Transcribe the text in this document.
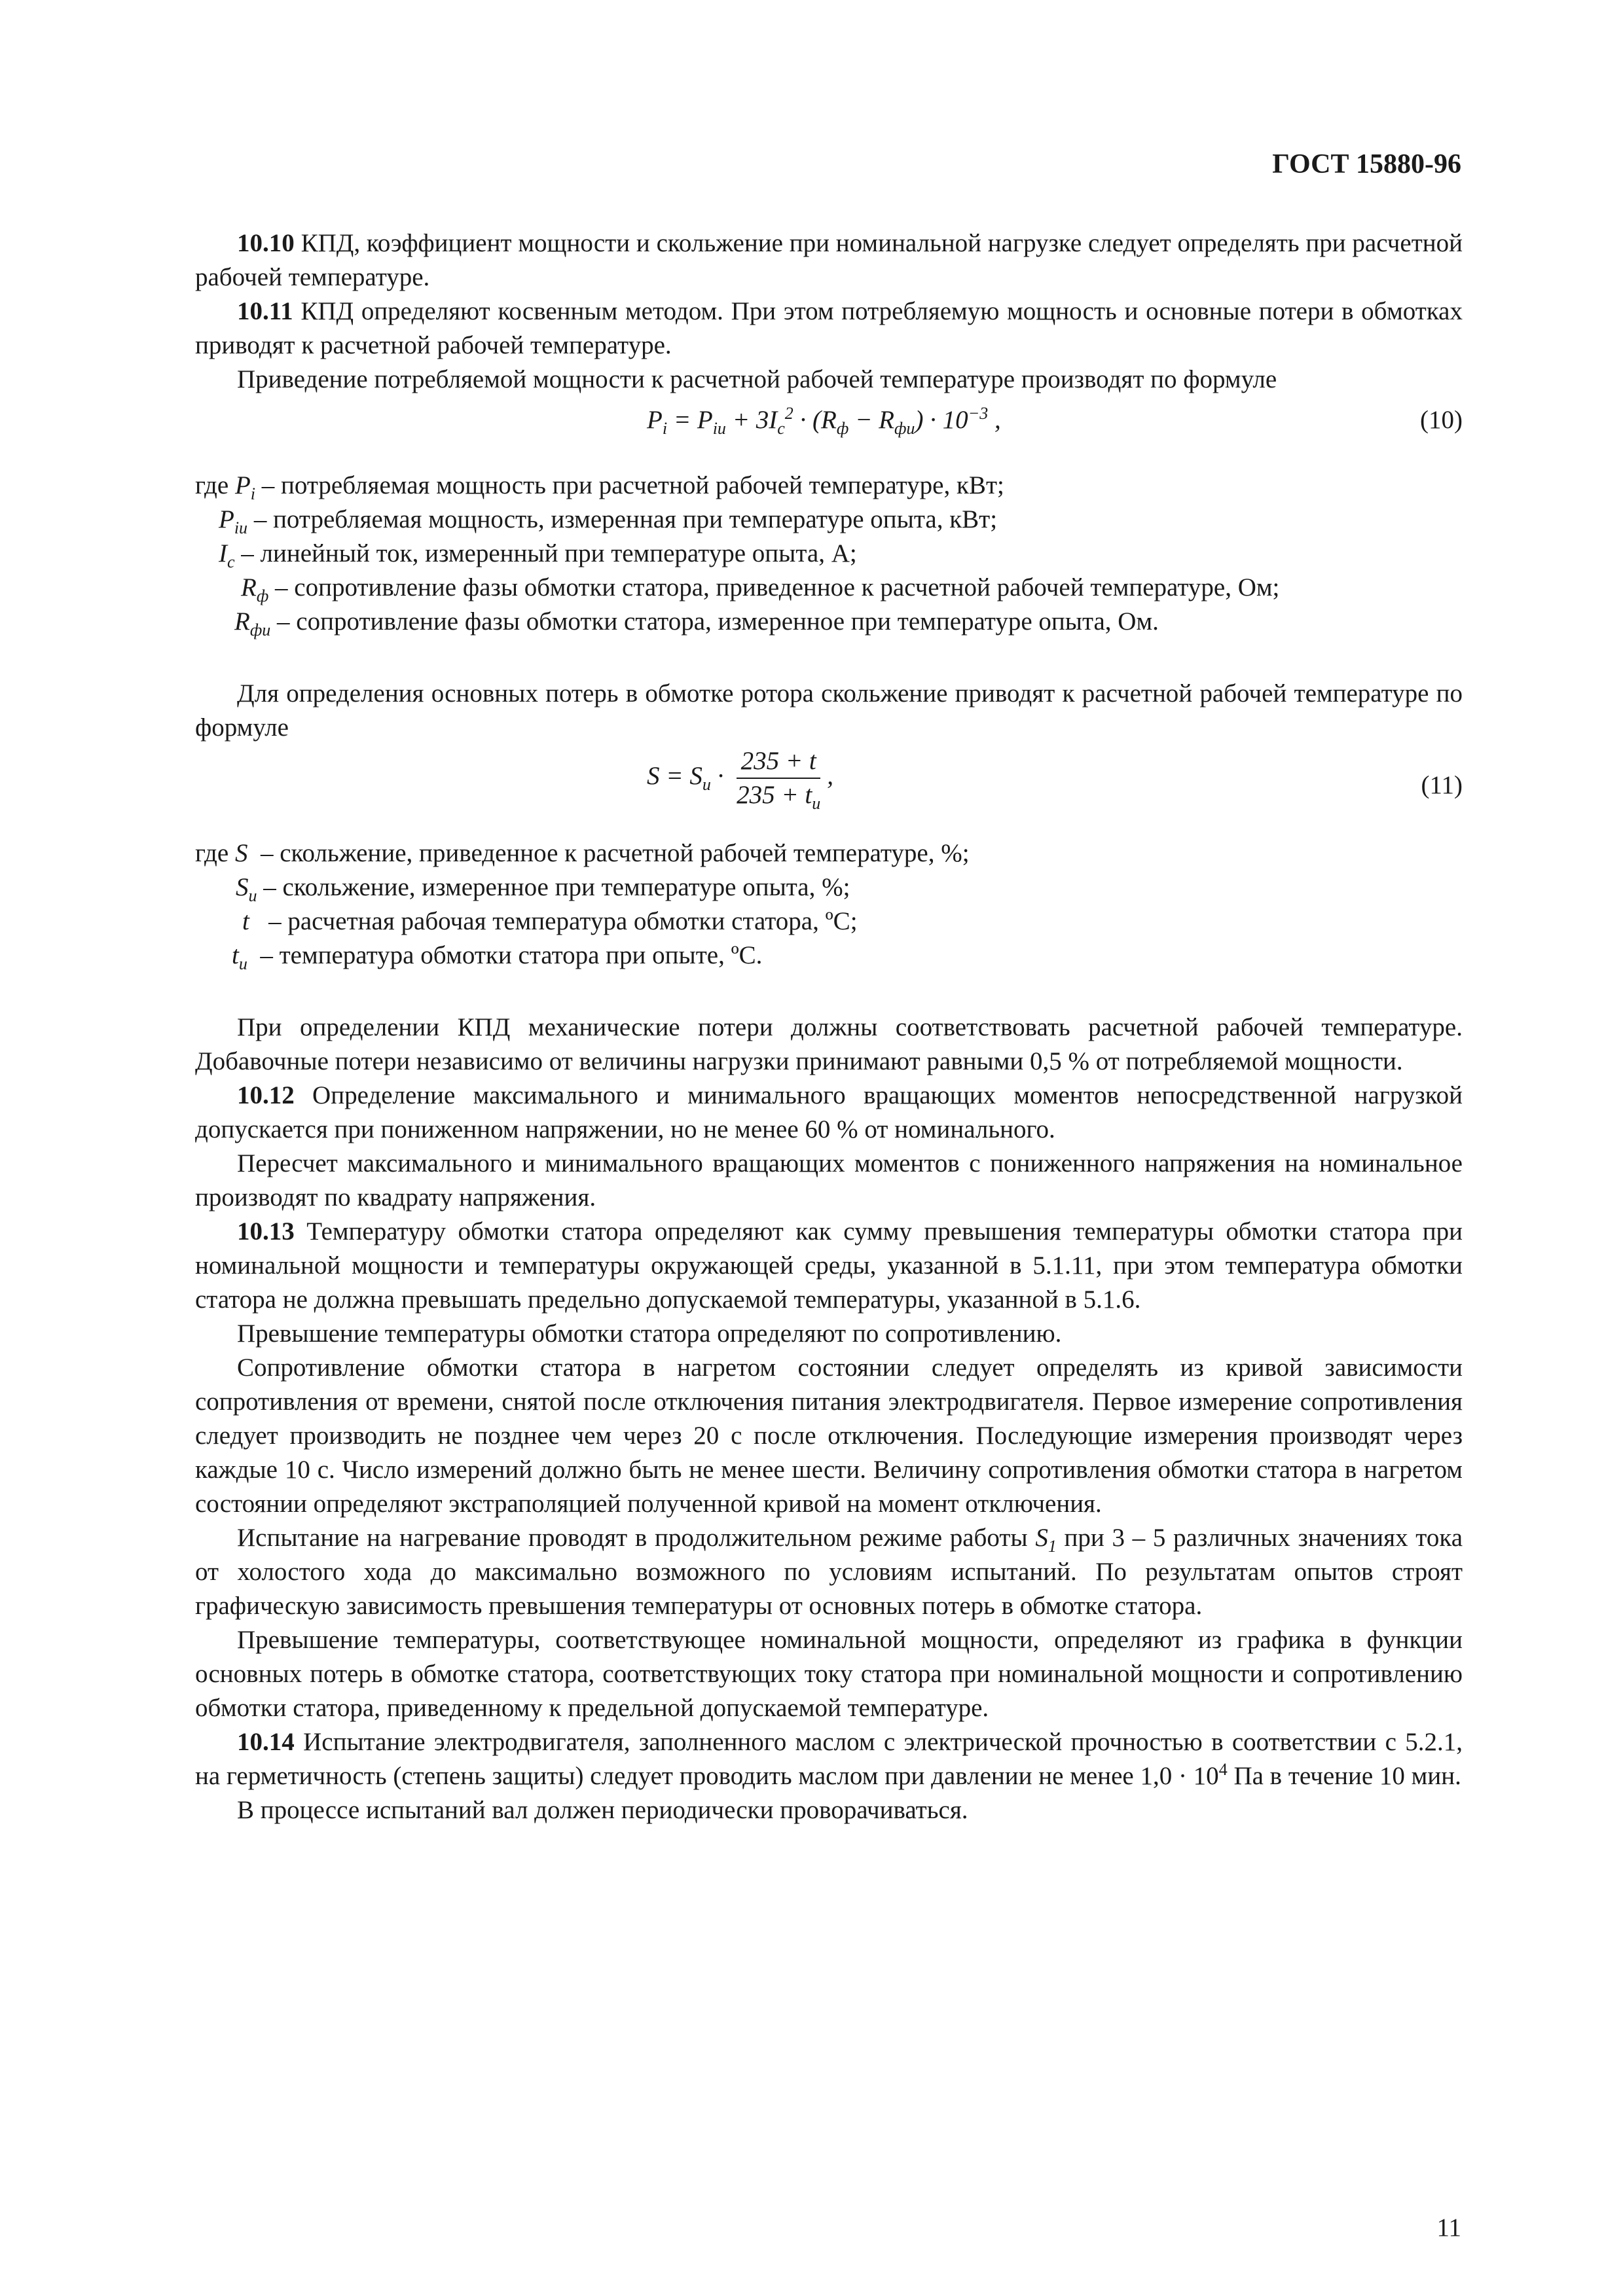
ГОСТ 15880-96

10.10 КПД, коэффициент мощности и скольжение при номинальной нагрузке следует определять при расчетной рабочей температуре.

10.11 КПД определяют косвенным методом. При этом потребляемую мощность и основные потери в обмотках приводят к расчетной рабочей температуре.

Приведение потребляемой мощности к расчетной рабочей температуре производят по формуле

$P_i = P_{iи} + 3I_c^2 \cdot (R_ф - R_{фи}) \cdot 10^{-3}$ ,	(10)
где $P_i$ – потребляемая мощность при расчетной рабочей температуре, кВт;
$P_{iи}$ – потребляемая мощность, измеренная при температуре опыта, кВт;
$I_c$ – линейный ток, измеренный при температуре опыта, А;
$R_ф$ – сопротивление фазы обмотки статора, приведенное к расчетной рабочей температуре, Ом;
$R_{фи}$ – сопротивление фазы обмотки статора, измеренное при температуре опыта, Ом.

Для определения основных потерь в обмотке ротора скольжение приводят к расчетной рабочей температуре по формуле

$S = S_и \cdot \frac{235 + t}{235 + t_и}$ ,	(11)
где S – скольжение, приведенное к расчетной рабочей температуре, %;
$S_и$ – скольжение, измеренное при температуре опыта, %;
t – расчетная рабочая температура обмотки статора, ºС;
$t_и$ – температура обмотки статора при опыте, ºС.

При определении КПД механические потери должны соответствовать расчетной рабочей температуре. Добавочные потери независимо от величины нагрузки принимают равными 0,5 % от потребляемой мощности.

10.12 Определение максимального и минимального вращающих моментов непосредственной нагрузкой допускается при пониженном напряжении, но не менее 60 % от номинального.

Пересчет максимального и минимального вращающих моментов с пониженного напряжения на номинальное производят по квадрату напряжения.

10.13 Температуру обмотки статора определяют как сумму превышения температуры обмотки статора при номинальной мощности и температуры окружающей среды, указанной в 5.1.11, при этом температура обмотки статора не должна превышать предельно допускаемой температуры, указанной в 5.1.6.

Превышение температуры обмотки статора определяют по сопротивлению.

Сопротивление обмотки статора в нагретом состоянии следует определять из кривой зависимости сопротивления от времени, снятой после отключения питания электродвигателя. Первое измерение сопротивления следует производить не позднее чем через 20 с после отключения. Последующие измерения производят через каждые 10 с. Число измерений должно быть не менее шести. Величину сопротивления обмотки статора в нагретом состоянии определяют экстраполяцией полученной кривой на момент отключения.

Испытание на нагревание проводят в продолжительном режиме работы $S_1$ при 3 – 5 различных значениях тока от холостого хода до максимально возможного по условиям испытаний. По результатам опытов строят графическую зависимость превышения температуры от основных потерь в обмотке статора.

Превышение температуры, соответствующее номинальной мощности, определяют из графика в функции основных потерь в обмотке статора, соответствующих току статора при номинальной мощности и сопротивлению обмотки статора, приведенному к предельной допускаемой температуре.

10.14 Испытание электродвигателя, заполненного маслом с электрической прочностью в соответствии с 5.2.1, на герметичность (степень защиты) следует проводить маслом при давлении не менее $1,0 \cdot 10^4$ Па в течение 10 мин.

В процессе испытаний вал должен периодически проворачиваться.

11
